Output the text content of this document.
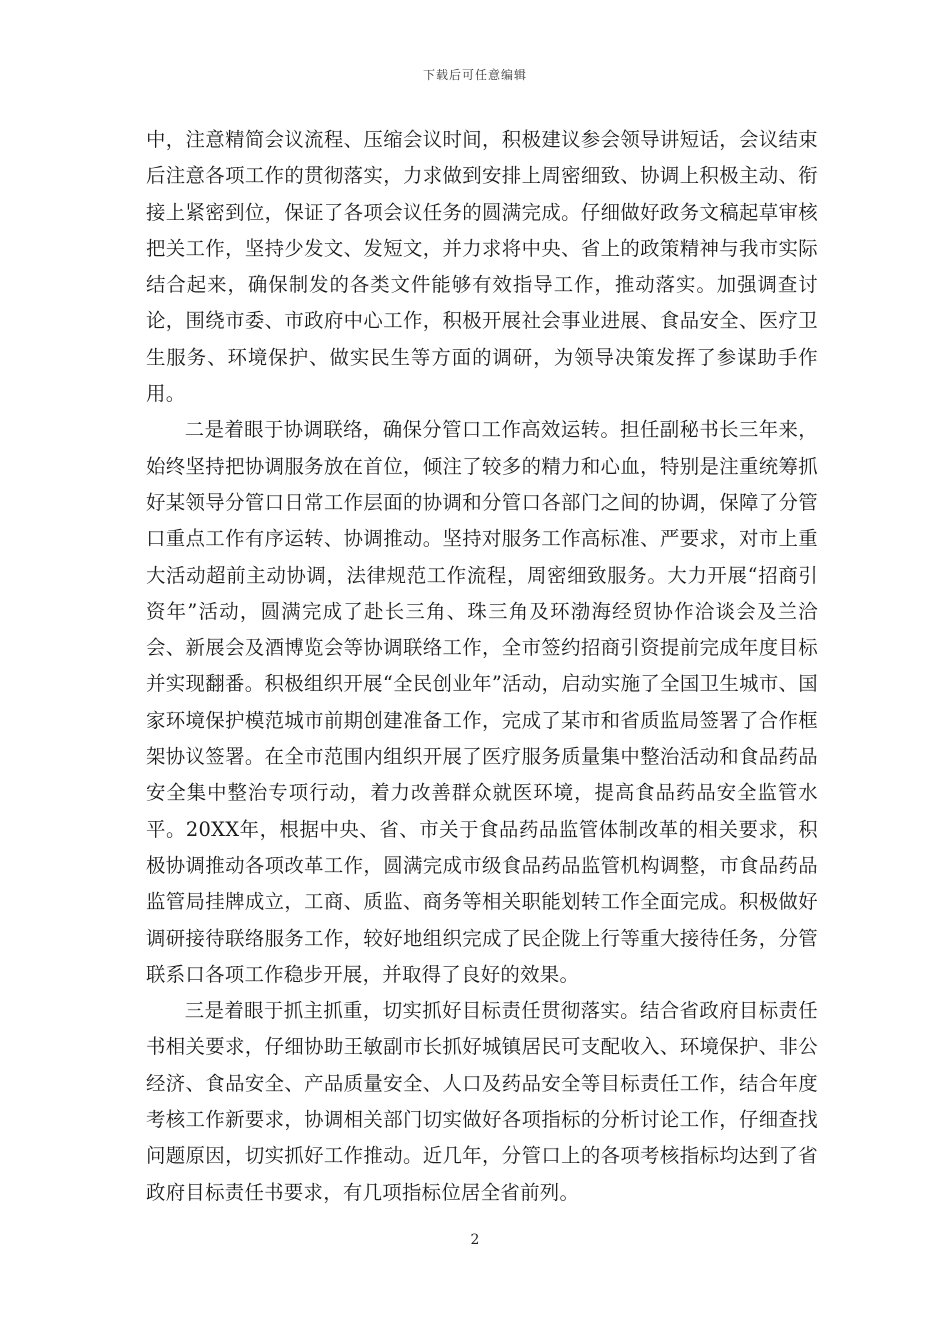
下载后可任意编辑

中，注意精简会议流程、压缩会议时间，积极建议参会领导讲短话，会议结束后注意各项工作的贯彻落实，力求做到安排上周密细致、协调上积极主动、衔接上紧密到位，保证了各项会议任务的圆满完成。仔细做好政务文稿起草审核把关工作，坚持少发文、发短文，并力求将中央、省上的政策精神与我市实际结合起来，确保制发的各类文件能够有效指导工作，推动落实。加强调查讨论，围绕市委、市政府中心工作，积极开展社会事业进展、食品安全、医疗卫生服务、环境保护、做实民生等方面的调研，为领导决策发挥了参谋助手作用。

二是着眼于协调联络，确保分管口工作高效运转。担任副秘书长三年来，始终坚持把协调服务放在首位，倾注了较多的精力和心血，特别是注重统筹抓好某领导分管口日常工作层面的协调和分管口各部门之间的协调，保障了分管口重点工作有序运转、协调推动。坚持对服务工作高标准、严要求，对市上重大活动超前主动协调，法律规范工作流程，周密细致服务。大力开展“招商引资年”活动，圆满完成了赴长三角、珠三角及环渤海经贸协作洽谈会及兰洽会、新展会及酒博览会等协调联络工作，全市签约招商引资提前完成年度目标并实现翻番。积极组织开展“全民创业年”活动，启动实施了全国卫生城市、国家环境保护模范城市前期创建准备工作，完成了某市和省质监局签署了合作框架协议签署。在全市范围内组织开展了医疗服务质量集中整治活动和食品药品安全集中整治专项行动，着力改善群众就医环境，提高食品药品安全监管水平。20XX年，根据中央、省、市关于食品药品监管体制改革的相关要求，积极协调推动各项改革工作，圆满完成市级食品药品监管机构调整，市食品药品监管局挂牌成立，工商、质监、商务等相关职能划转工作全面完成。积极做好调研接待联络服务工作，较好地组织完成了民企陇上行等重大接待任务，分管联系口各项工作稳步开展，并取得了良好的效果。

三是着眼于抓主抓重，切实抓好目标责任贯彻落实。结合省政府目标责任书相关要求，仔细协助王敏副市长抓好城镇居民可支配收入、环境保护、非公经济、食品安全、产品质量安全、人口及药品安全等目标责任工作，结合年度考核工作新要求，协调相关部门切实做好各项指标的分析讨论工作，仔细查找问题原因，切实抓好工作推动。近几年，分管口上的各项考核指标均达到了省政府目标责任书要求，有几项指标位居全省前列。

2
